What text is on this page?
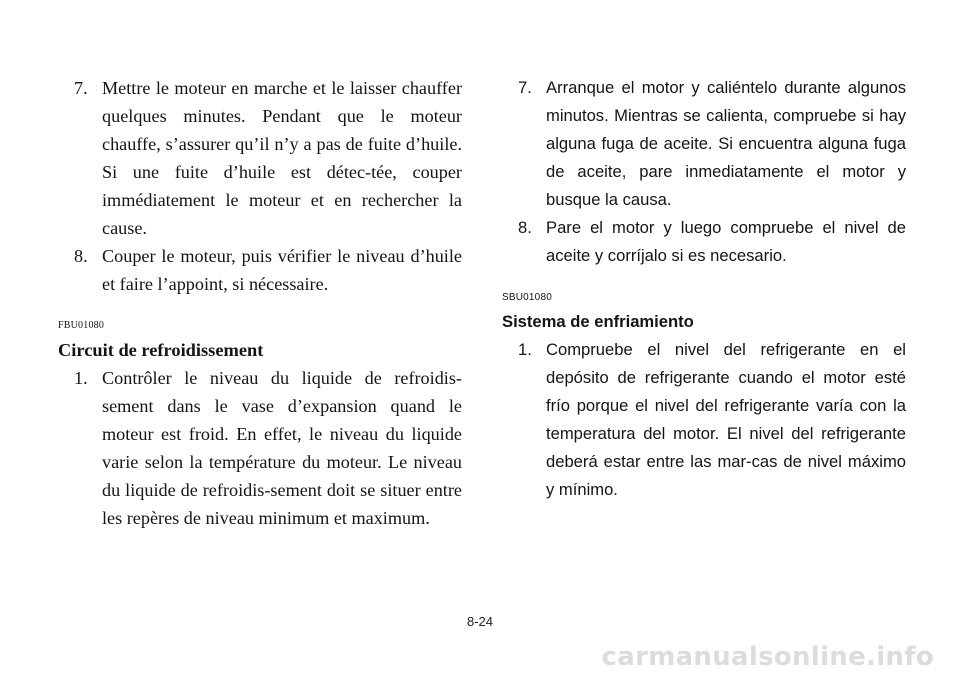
7. Mettre le moteur en marche et le laisser chauffer quelques minutes. Pendant que le moteur chauffe, s’assurer qu’il n’y a pas de fuite d’huile. Si une fuite d’huile est détec-tée, couper immédiatement le moteur et en rechercher la cause.
8. Couper le moteur, puis vérifier le niveau d’huile et faire l’appoint, si nécessaire.
FBU01080
Circuit de refroidissement
1. Contrôler le niveau du liquide de refroidis-sement dans le vase d’expansion quand le moteur est froid. En effet, le niveau du liquide varie selon la température du moteur. Le niveau du liquide de refroidis-sement doit se situer entre les repères de niveau minimum et maximum.
7. Arranque el motor y caliéntelo durante algunos minutos. Mientras se calienta, compruebe si hay alguna fuga de aceite. Si encuentra alguna fuga de aceite, pare inmediatamente el motor y busque la causa.
8. Pare el motor y luego compruebe el nivel de aceite y corríjalo si es necesario.
SBU01080
Sistema de enfriamiento
1. Compruebe el nivel del refrigerante en el depósito de refrigerante cuando el motor esté frío porque el nivel del refrigerante varía con la temperatura del motor. El nivel del refrigerante deberá estar entre las mar-cas de nivel máximo y mínimo.
8-24
carmanualsonline.info
